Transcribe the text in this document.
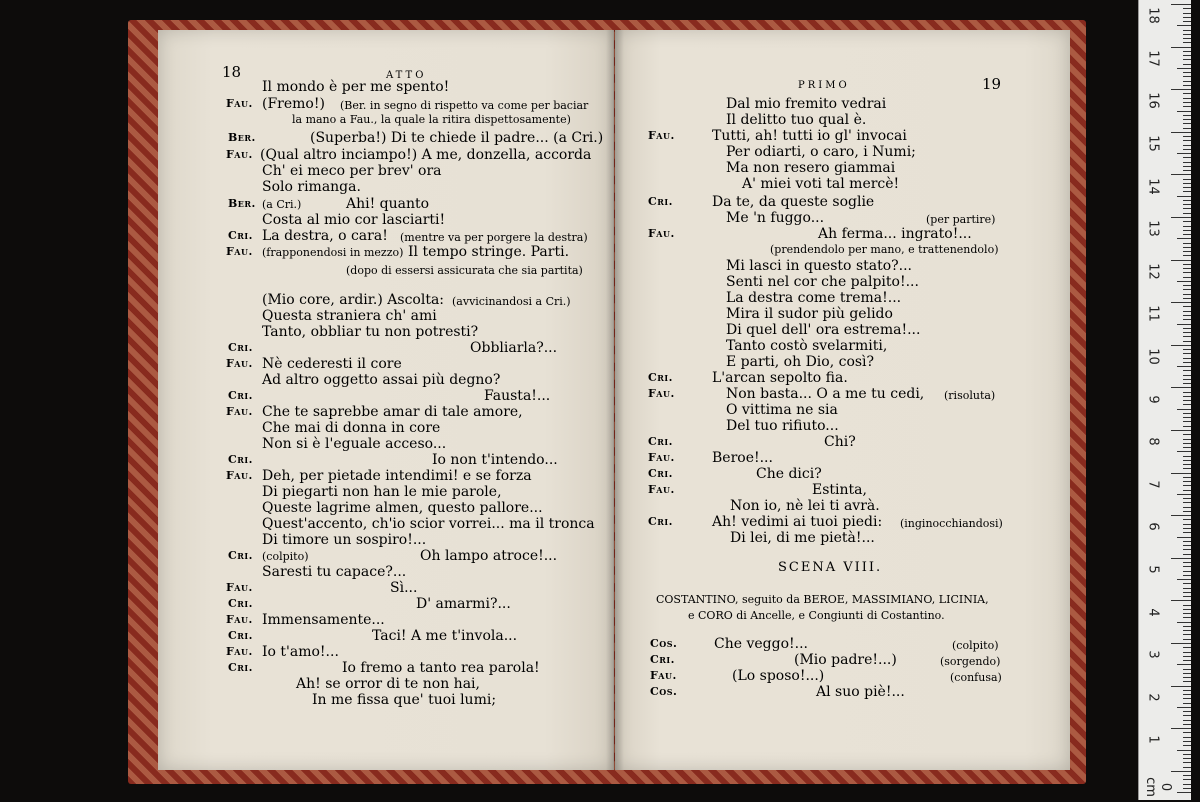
18	ATTO
Il mondo è per me spento!
Fau. (Fremo!) (Ber. in segno di rispetto va come per baciar
la mano a Fau., la quale la ritira dispettosamente)
Ber.	(Superba!) Di te chiede il padre... (a Cri.)
Fau. (Qual altro inciampo!) A me, donzella, accorda
Ch' ei meco per brev' ora
Solo rimanga.
Ber. (a Cri.)	Ahi! quanto
Costa al mio cor lasciarti!
Cri. La destra, o cara! (mentre va per porgere la destra)
Fau. (frapponendosi in mezzo) Il tempo stringe. Parti.
(dopo di essersi assicurata che sia partita)
(Mio core, ardir.) Ascolta: (avvicinandosi a Cri.)
Questa straniera ch' ami
Tanto, obbliar tu non potresti?
Cri.	Obbliarla?...
Fau. Nè cederesti il core
Ad altro oggetto assai più degno?
Cri.	Fausta!...
Fau. Che te saprebbe amar di tale amore,
Che mai di donna in core
Non si è l'eguale acceso...
Cri.	Io non t'intendo...
Fau. Deh, per pietade intendimi! e se forza
Di piegarti non han le mie parole,
Queste lagrime almen, questo pallore...
Quest'accento, ch'io scior vorrei... ma il tronca
Di timore un sospiro!...
Cri. (colpito)	Oh lampo atroce!...
Saresti tu capace?...
Fau.	Sì...
Cri.	D' amarmi?...
Fau. Immensamente...
Cri.	Taci! A me t'invola...
Fau. Io t'amo!...
Cri.	Io fremo a tanto rea parola!
Ah! se orror di te non hai,
In me fissa que' tuoi lumi;
PRIMO	19
Dal mio fremito vedrai
Il delitto tuo qual è.
Fau.	Tutti, ah! tutti io gl' invocai
Per odiarti, o caro, i Numi;
Ma non resero giammai
A' miei voti tal mercè!
Cri.	Da te, da queste soglie
Me 'n fuggo...	(per partire)
Fau.	Ah ferma... ingrato!...
(prendendolo per mano, e trattenendolo)
Mi lasci in questo stato?...
Senti nel cor che palpito!...
La destra come trema!...
Mira il sudor più gelido
Di quel dell' ora estrema!...
Tanto costò svelarmiti,
E parti, oh Dio, così?
Cri.	L'arcan sepolto fia.
Fau.	Non basta... O a me tu cedi, (risoluta)
O vittima ne sia
Del tuo rifiuto...
Cri.	Chi?
Fau.	Beroe!...
Cri.	Che dici?
Fau.	Estinta,
Non io, nè lei ti avrà.
Cri.	Ah! vedimi ai tuoi piedi: (inginocchiandosi)
Di lei, di me pietà!...
SCENA VIII.
COSTANTINO, seguito da BEROE, MASSIMIANO, LICINIA,
e CORO di Ancelle, e Congiunti di Costantino.
Cos.	Che veggo!...	(colpito)
Cri.	(Mio padre!...)	(sorgendo)
Fau.	(Lo sposo!...)	(confusa)
Cos.	Al suo piè!...
18
17
16
15
14
13
12
11
10
9
8
7
6
5
4
3
2
1
0 cm
